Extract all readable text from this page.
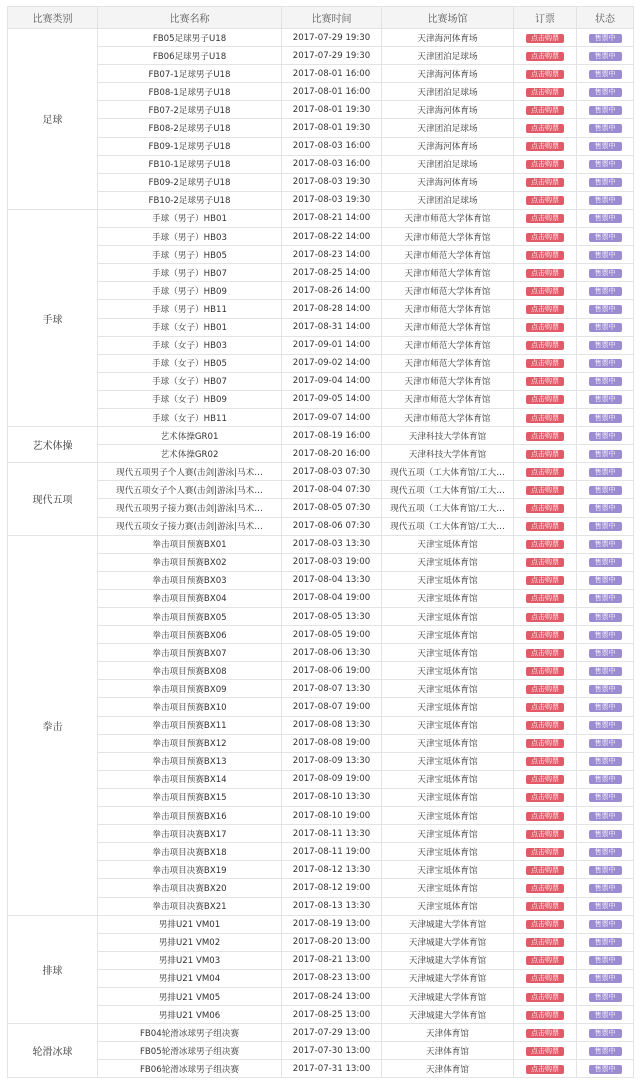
比赛类别	比赛名称	比赛时间	比赛场馆	订票	状态
足球	FB05足球男子U18	2017-07-29 19:30	天津海河体育场	点击购票	售票中
	FB06足球男子U18	2017-07-29 19:30	天津团泊足球场	点击购票	售票中
	FB07-1足球男子U18	2017-08-01 16:00	天津海河体育场	点击购票	售票中
	FB08-1足球男子U18	2017-08-01 16:00	天津团泊足球场	点击购票	售票中
	FB07-2足球男子U18	2017-08-01 19:30	天津海河体育场	点击购票	售票中
	FB08-2足球男子U18	2017-08-01 19:30	天津团泊足球场	点击购票	售票中
	FB09-1足球男子U18	2017-08-03 16:00	天津海河体育场	点击购票	售票中
	FB10-1足球男子U18	2017-08-03 16:00	天津团泊足球场	点击购票	售票中
	FB09-2足球男子U18	2017-08-03 19:30	天津海河体育场	点击购票	售票中
	FB10-2足球男子U18	2017-08-03 19:30	天津团泊足球场	点击购票	售票中
手球	手球（男子）HB01	2017-08-21 14:00	天津市师范大学体育馆	点击购票	售票中
	手球（男子）HB03	2017-08-22 14:00	天津市师范大学体育馆	点击购票	售票中
	手球（男子）HB05	2017-08-23 14:00	天津市师范大学体育馆	点击购票	售票中
	手球（男子）HB07	2017-08-25 14:00	天津市师范大学体育馆	点击购票	售票中
	手球（男子）HB09	2017-08-26 14:00	天津市师范大学体育馆	点击购票	售票中
	手球（男子）HB11	2017-08-28 14:00	天津市师范大学体育馆	点击购票	售票中
	手球（女子）HB01	2017-08-31 14:00	天津市师范大学体育馆	点击购票	售票中
	手球（女子）HB03	2017-09-01 14:00	天津市师范大学体育馆	点击购票	售票中
	手球（女子）HB05	2017-09-02 14:00	天津市师范大学体育馆	点击购票	售票中
	手球（女子）HB07	2017-09-04 14:00	天津市师范大学体育馆	点击购票	售票中
	手球（女子）HB09	2017-09-05 14:00	天津市师范大学体育馆	点击购票	售票中
	手球（女子）HB11	2017-09-07 14:00	天津市师范大学体育馆	点击购票	售票中
艺术体操	艺术体操GR01	2017-08-19 16:00	天津科技大学体育馆	点击购票	售票中
	艺术体操GR02	2017-08-20 16:00	天津科技大学体育馆	点击购票	售票中
现代五项	现代五项男子个人赛(击剑|游泳|马术…	2017-08-03 07:30	现代五项（工大体育馆/工大…	点击购票	售票中
	现代五项女子个人赛(击剑|游泳|马术…	2017-08-04 07:30	现代五项（工大体育馆/工大…	点击购票	售票中
	现代五项男子接力赛(击剑|游泳|马术…	2017-08-05 07:30	现代五项（工大体育馆/工大…	点击购票	售票中
	现代五项女子接力赛(击剑|游泳|马术…	2017-08-06 07:30	现代五项（工大体育馆/工大…	点击购票	售票中
拳击	拳击项目预赛BX01	2017-08-03 13:30	天津宝坻体育馆	点击购票	售票中
	拳击项目预赛BX02	2017-08-03 19:00	天津宝坻体育馆	点击购票	售票中
	拳击项目预赛BX03	2017-08-04 13:30	天津宝坻体育馆	点击购票	售票中
	拳击项目预赛BX04	2017-08-04 19:00	天津宝坻体育馆	点击购票	售票中
	拳击项目预赛BX05	2017-08-05 13:30	天津宝坻体育馆	点击购票	售票中
	拳击项目预赛BX06	2017-08-05 19:00	天津宝坻体育馆	点击购票	售票中
	拳击项目预赛BX07	2017-08-06 13:30	天津宝坻体育馆	点击购票	售票中
	拳击项目预赛BX08	2017-08-06 19:00	天津宝坻体育馆	点击购票	售票中
	拳击项目预赛BX09	2017-08-07 13:30	天津宝坻体育馆	点击购票	售票中
	拳击项目预赛BX10	2017-08-07 19:00	天津宝坻体育馆	点击购票	售票中
	拳击项目预赛BX11	2017-08-08 13:30	天津宝坻体育馆	点击购票	售票中
	拳击项目预赛BX12	2017-08-08 19:00	天津宝坻体育馆	点击购票	售票中
	拳击项目预赛BX13	2017-08-09 13:30	天津宝坻体育馆	点击购票	售票中
	拳击项目预赛BX14	2017-08-09 19:00	天津宝坻体育馆	点击购票	售票中
	拳击项目预赛BX15	2017-08-10 13:30	天津宝坻体育馆	点击购票	售票中
	拳击项目预赛BX16	2017-08-10 19:00	天津宝坻体育馆	点击购票	售票中
	拳击项目决赛BX17	2017-08-11 13:30	天津宝坻体育馆	点击购票	售票中
	拳击项目决赛BX18	2017-08-11 19:00	天津宝坻体育馆	点击购票	售票中
	拳击项目决赛BX19	2017-08-12 13:30	天津宝坻体育馆	点击购票	售票中
	拳击项目决赛BX20	2017-08-12 19:00	天津宝坻体育馆	点击购票	售票中
	拳击项目决赛BX21	2017-08-13 13:30	天津宝坻体育馆	点击购票	售票中
排球	男排U21 VM01	2017-08-19 13:00	天津城建大学体育馆	点击购票	售票中
	男排U21 VM02	2017-08-20 13:00	天津城建大学体育馆	点击购票	售票中
	男排U21 VM03	2017-08-21 13:00	天津城建大学体育馆	点击购票	售票中
	男排U21 VM04	2017-08-23 13:00	天津城建大学体育馆	点击购票	售票中
	男排U21 VM05	2017-08-24 13:00	天津城建大学体育馆	点击购票	售票中
	男排U21 VM06	2017-08-25 13:00	天津城建大学体育馆	点击购票	售票中
轮滑冰球	FB04轮滑冰球男子组决赛	2017-07-29 13:00	天津体育馆	点击购票	售票中
	FB05轮滑冰球男子组决赛	2017-07-30 13:00	天津体育馆	点击购票	售票中
	FB06轮滑冰球男子组决赛	2017-07-31 13:00	天津体育馆	点击购票	售票中
